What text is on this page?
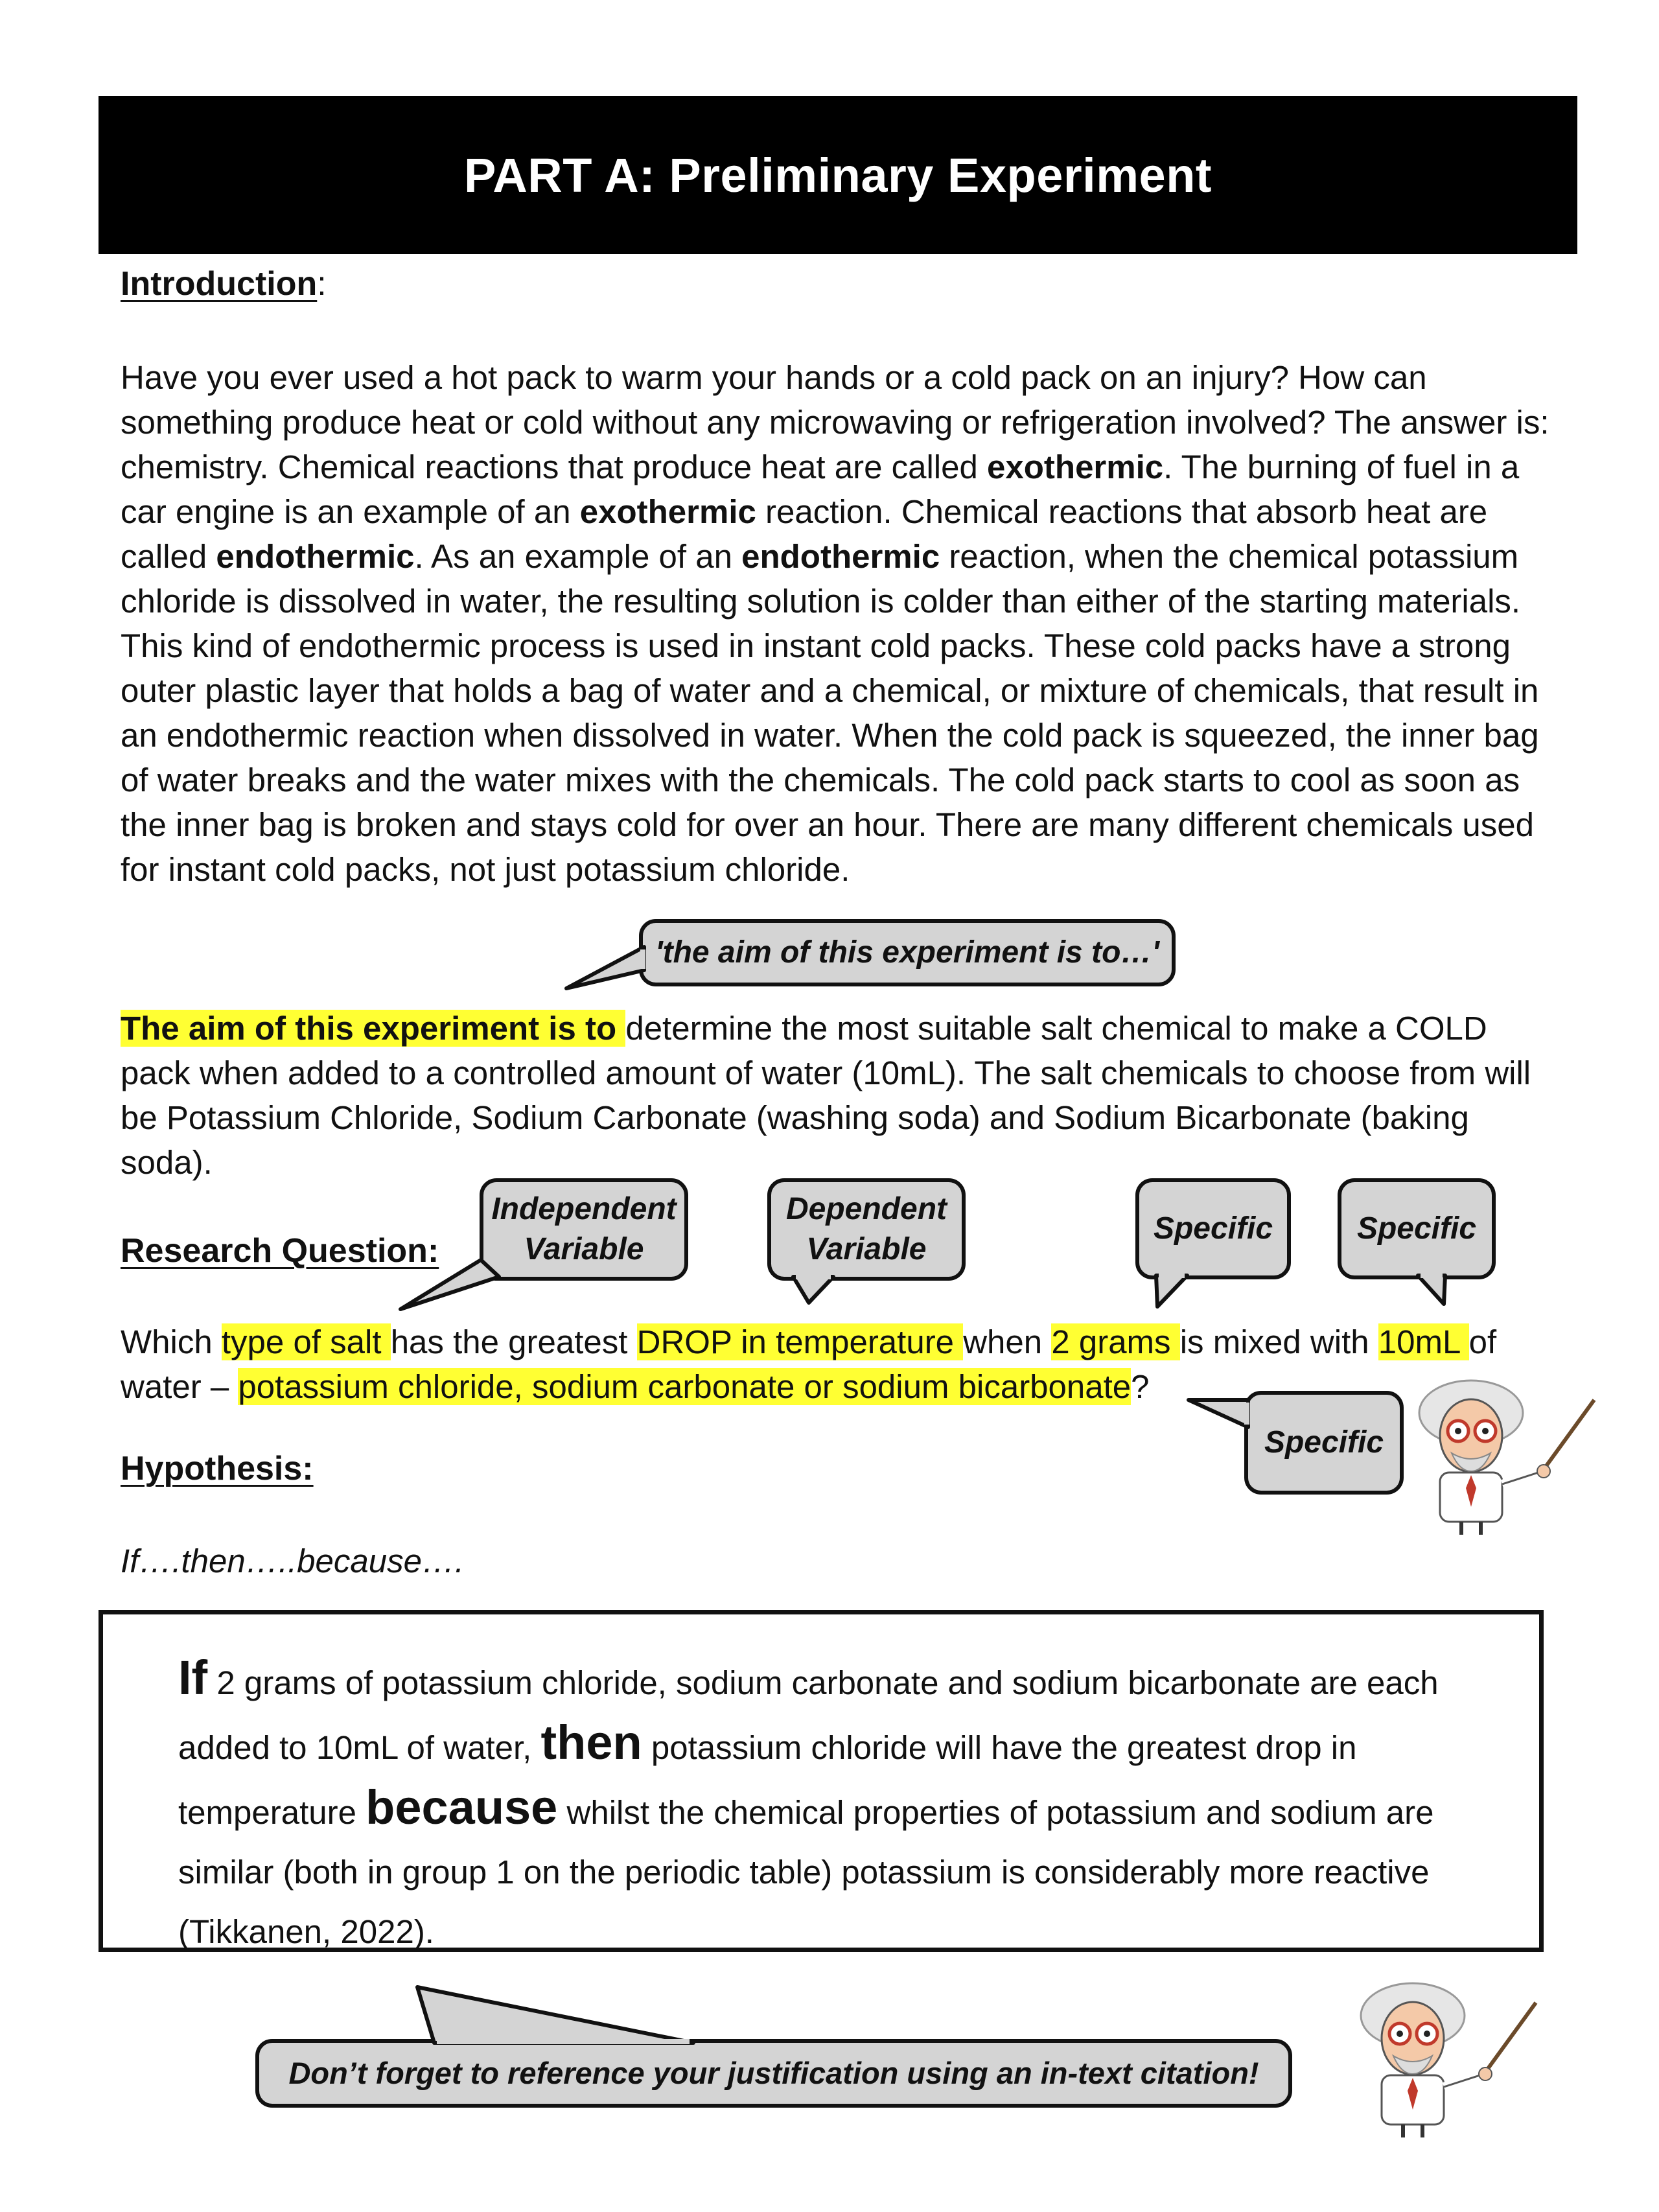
PART A: Preliminary Experiment
Introduction:
Have you ever used a hot pack to warm your hands or a cold pack on an injury? How can something produce heat or cold without any microwaving or refrigeration involved? The answer is: chemistry. Chemical reactions that produce heat are called exothermic. The burning of fuel in a car engine is an example of an exothermic reaction. Chemical reactions that absorb heat are called endothermic. As an example of an endothermic reaction, when the chemical potassium chloride is dissolved in water, the resulting solution is colder than either of the starting materials. This kind of endothermic process is used in instant cold packs. These cold packs have a strong outer plastic layer that holds a bag of water and a chemical, or mixture of chemicals, that result in an endothermic reaction when dissolved in water. When the cold pack is squeezed, the inner bag of water breaks and the water mixes with the chemicals. The cold pack starts to cool as soon as the inner bag is broken and stays cold for over an hour. There are many different chemicals used for instant cold packs, not just potassium chloride.
'the aim of this experiment is to…'
The aim of this experiment is to determine the most suitable salt chemical to make a COLD pack when added to a controlled amount of water (10mL). The salt chemicals to choose from will be Potassium Chloride, Sodium Carbonate (washing soda) and Sodium Bicarbonate (baking soda).
Research Question:
Independent
Variable
Dependent
Variable
Specific	Specific
Which type of salt has the greatest DROP in temperature when 2 grams is mixed with 10mL of water – potassium chloride, sodium carbonate or sodium bicarbonate?
Specific
Hypothesis:
If….then…..because….
If 2 grams of potassium chloride, sodium carbonate and sodium bicarbonate are each added to 10mL of water, then potassium chloride will have the greatest drop in temperature because whilst the chemical properties of potassium and sodium are similar (both in group 1 on the periodic table) potassium is considerably more reactive (Tikkanen, 2022).
Don’t forget to reference your justification using an in-text citation!
